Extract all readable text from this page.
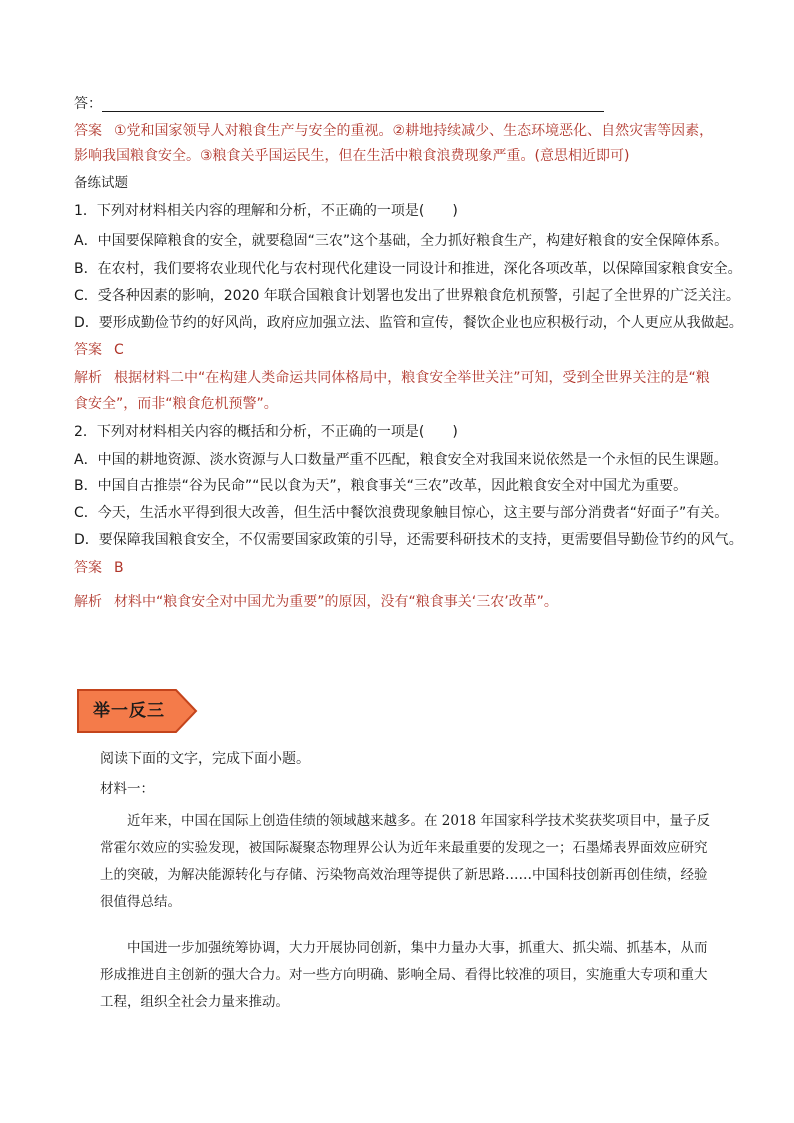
答：
答案 ①党和国家领导人对粮食生产与安全的重视。②耕地持续减少、生态环境恶化、自然灾害等因素，
影响我国粮食安全。③粮食关乎国运民生，但在生活中粮食浪费现象严重。(意思相近即可)
备练试题
1．下列对材料相关内容的理解和分析，不正确的一项是(　　)
A．中国要保障粮食的安全，就要稳固“三农”这个基础，全力抓好粮食生产，构建好粮食的安全保障体系。
B．在农村，我们要将农业现代化与农村现代化建设一同设计和推进，深化各项改革，以保障国家粮食安全。
C．受各种因素的影响，2020 年联合国粮食计划署也发出了世界粮食危机预警，引起了全世界的广泛关注。
D．要形成勤俭节约的好风尚，政府应加强立法、监管和宣传，餐饮企业也应积极行动，个人更应从我做起。
答案 C
解析 根据材料二中“在构建人类命运共同体格局中，粮食安全举世关注”可知，受到全世界关注的是“粮
食安全”，而非“粮食危机预警”。
2．下列对材料相关内容的概括和分析，不正确的一项是(　　)
A．中国的耕地资源、淡水资源与人口数量严重不匹配，粮食安全对我国来说依然是一个永恒的民生课题。
B．中国自古推崇“谷为民命”“民以食为天”，粮食事关“三农”改革，因此粮食安全对中国尤为重要。
C．今天，生活水平得到很大改善，但生活中餐饮浪费现象触目惊心，这主要与部分消费者“好面子”有关。
D．要保障我国粮食安全，不仅需要国家政策的引导，还需要科研技术的支持，更需要倡导勤俭节约的风气。
答案 B
解析 材料中“粮食安全对中国尤为重要”的原因，没有“粮食事关‘三农’改革”。
举一反三
阅读下面的文字，完成下面小题。
材料一：
近年来，中国在国际上创造佳绩的领域越来越多。在 2018 年国家科学技术奖获奖项目中，量子反常霍尔效应的实验发现，被国际凝聚态物理界公认为近年来最重要的发现之一；石墨烯表界面效应研究上的突破，为解决能源转化与存储、污染物高效治理等提供了新思路……中国科技创新再创佳绩，经验很值得总结。
中国进一步加强统筹协调，大力开展协同创新，集中力量办大事，抓重大、抓尖端、抓基本，从而形成推进自主创新的强大合力。对一些方向明确、影响全局、看得比较准的项目，实施重大专项和重大工程，组织全社会力量来推动。
